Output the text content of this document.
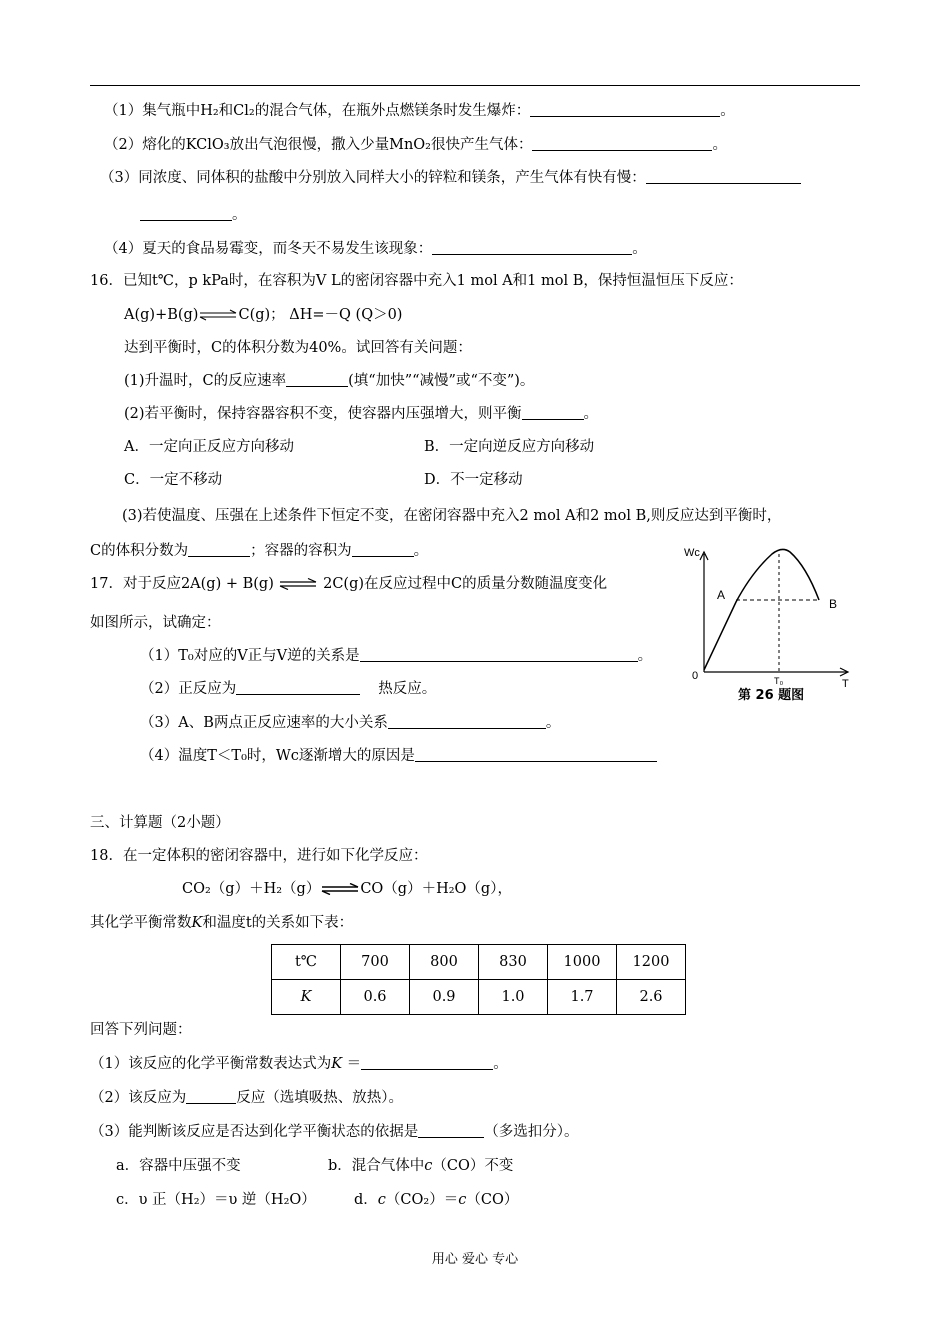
（1）集气瓶中H₂和Cl₂的混合气体，在瓶外点燃镁条时发生爆炸：	。
（2）熔化的KClO₃放出气泡很慢，撒入少量MnO₂很快产生气体：	。
（3）同浓度、同体积的盐酸中分别放入同样大小的锌粒和镁条，产生气体有快有慢：
。
（4）夏天的食品易霉变，而冬天不易发生该现象：	。
16．已知t℃，p kPa时，在容积为V L的密闭容器中充入1 mol A和1 mol B，保持恒温恒压下反应：
A(g)+B(g)⇌C(g)； ΔH=－Q (Q＞0)
达到平衡时，C的体积分数为40%。试回答有关问题：
(1)升温时，C的反应速率	(填“加快”“减慢”或“不变”)。
(2)若平衡时，保持容器容积不变，使容器内压强增大，则平衡	。
A．一定向正反应方向移动	B．一定向逆反应方向移动
C．一定不移动	D．不一定移动
(3)若使温度、压强在上述条件下恒定不变，在密闭容器中充入2 mol A和2 mol B,则反应达到平衡时，
C的体积分数为	；容器的容积为	。
17．对于反应2A(g) + B(g) ⇌ 2C(g)在反应过程中C的质量分数随温度变化
如图所示，试确定：
（1）T₀对应的V正与V逆的关系是	。
（2）正反应为	热反应。
（3）A、B两点正反应速率的大小关系	。
（4）温度T＜T₀时，Wc逐渐增大的原因是
Wc
T
0	T₀
A
B
第 26 题图
三、计算题（2小题）
18．在一定体积的密闭容器中，进行如下化学反应：
CO₂（g）＋H₂（g）⇌CO（g）＋H₂O（g），
其化学平衡常数K和温度t的关系如下表：
t℃	700	800	830	1000	1200
K	0.6	0.9	1.0	1.7	2.6
回答下列问题：
（1）该反应的化学平衡常数表达式为K ＝	。
（2）该反应为	反应（选填吸热、放热）。
（3）能判断该反应是否达到化学平衡状态的依据是	（多选扣分）。
a．容器中压强不变	b．混合气体中c（CO）不变
c．υ 正（H₂）＝υ 逆（H₂O）	d．c（CO₂）＝c（CO）
用心 爱心 专心
